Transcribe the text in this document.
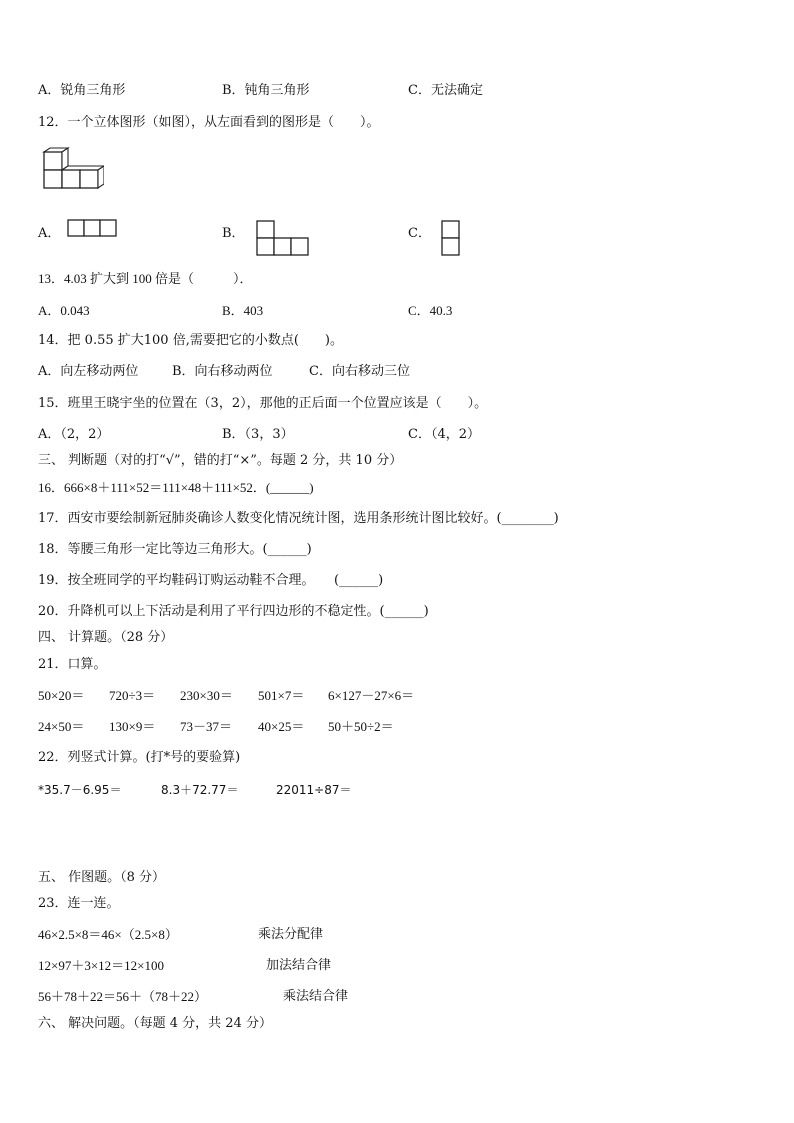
A．锐角三角形	B．钝角三角形	C．无法确定
12．一个立体图形（如图），从左面看到的图形是（　　）。
A．	B．	C．
13．4.03 扩大到 100 倍是（　　　）．
A．0.043	B．403	C．40.3
14．把 0.55 扩大100 倍,需要把它的小数点(　　)。
A．向左移动两位	B．向右移动两位	C．向右移动三位
15．班里王晓宇坐的位置在（3，2），那他的正后面一个位置应该是（　　）。
A．（2，2）	B．（3，3）	C．（4，2）
三、 判断题（对的打“√”，错的打“×”。每题 2 分，共 10 分）
16．666×8＋111×52＝111×48＋111×52．(______)
17．西安市要绘制新冠肺炎确诊人数变化情况统计图，选用条形统计图比较好。(________)
18．等腰三角形一定比等边三角形大。(______)
19．按全班同学的平均鞋码订购运动鞋不合理。　　(______)
20．升降机可以上下活动是利用了平行四边形的不稳定性。(______)
四、 计算题。（28 分）
21．口算。
50×20＝ 720÷3＝ 230×30＝ 501×7＝ 6×127－27×6＝
24×50＝ 130×9＝ 73－37＝ 40×25＝ 50＋50÷2＝
22．列竖式计算。(打*号的要验算)
*35.7－6.95＝	8.3＋72.77＝	22011÷87＝
五、 作图题。（8 分）
23．连一连。
46×2.5×8＝46×（2.5×8）	乘法分配律
12×97＋3×12＝12×100	加法结合律
56＋78＋22＝56＋（78＋22）	乘法结合律
六、 解决问题。（每题 4 分，共 24 分）
